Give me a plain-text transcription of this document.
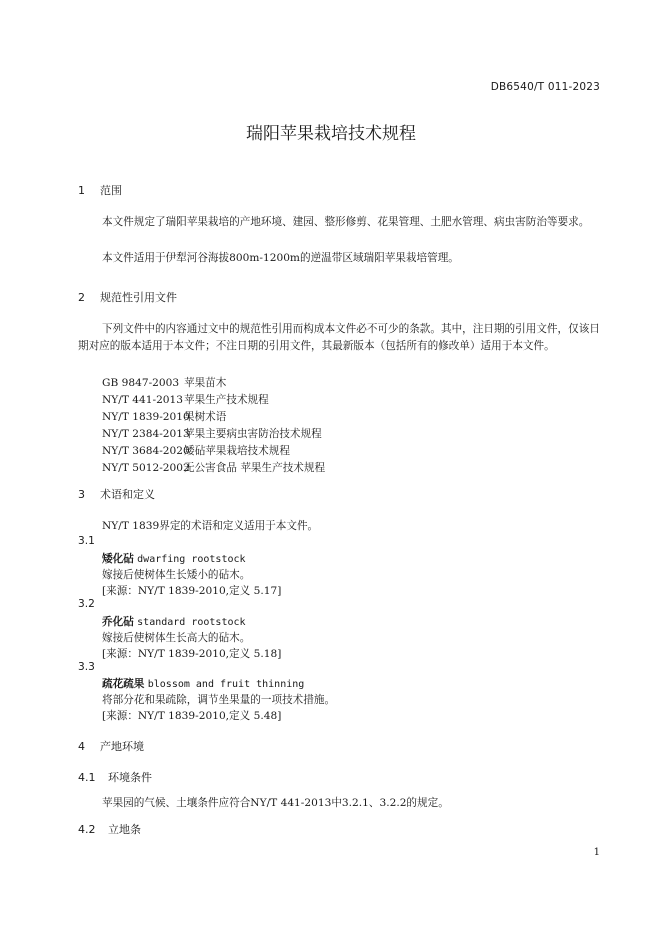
DB6540/T 011-2023
瑞阳苹果栽培技术规程
1 范围
本文件规定了瑞阳苹果栽培的产地环境、建园、整形修剪、花果管理、土肥水管理、病虫害防治等要求。
本文件适用于伊犁河谷海拔800m-1200m的逆温带区域瑞阳苹果栽培管理。
2 规范性引用文件
下列文件中的内容通过文中的规范性引用而构成本文件必不可少的条款。其中，注日期的引用文件，仅该日期对应的版本适用于本文件；不注日期的引用文件，其最新版本（包括所有的修改单）适用于本文件。
GB 9847-2003 苹果苗木
NY/T 441-2013苹果生产技术规程
NY/T 1839-2010果树术语
NY/T 2384-2013苹果主要病虫害防治技术规程
NY/T 3684-2020矮砧苹果栽培技术规程
NY/T 5012-2002无公害食品 苹果生产技术规程
3 术语和定义
NY/T 1839界定的术语和定义适用于本文件。
3.1
矮化砧 dwarfing rootstock
嫁接后使树体生长矮小的砧木。
[来源：NY/T 1839-2010,定义 5.17]
3.2
乔化砧 standard rootstock
嫁接后使树体生长高大的砧木。
[来源：NY/T 1839-2010,定义 5.18]
3.3
疏花疏果 blossom and fruit thinning
将部分花和果疏除，调节坐果量的一项技术措施。
[来源：NY/T 1839-2010,定义 5.48]
4 产地环境
4.1 环境条件
苹果园的气候、土壤条件应符合NY/T 441-2013中3.2.1、3.2.2的规定。
4.2 立地条
1
